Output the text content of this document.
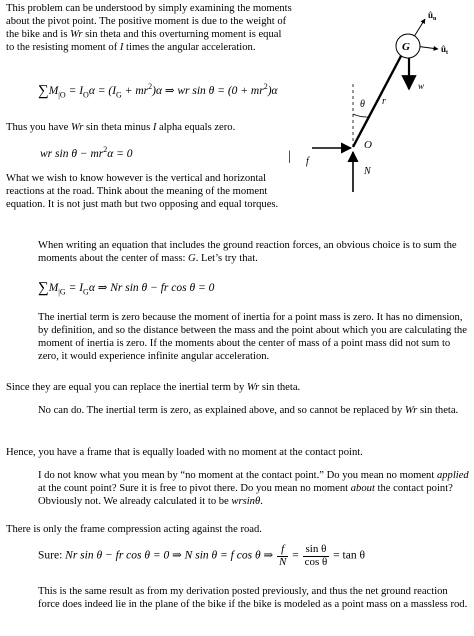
This problem can be understood by simply examining the moments about the pivot point. The positive moment is due to the weight of the bike and is Wr sin theta and this overturning moment is equal to the resisting moment of I times the angular acceleration.
$û_n$
$û_t$
G
w
θ r
O
f
N
|
$\sum M_{|O} = I_O\alpha = (I_G + mr^2)\alpha$ ⇒ wr $\sin \theta = (0 + mr^2)\alpha$
Thus you have Wr sin theta minus I alpha equals zero.
wr $\sin \theta - mr^2\alpha = 0$
What we wish to know however is the vertical and horizontal reactions at the road. Think about the meaning of the moment equation. It is not just math but two opposing and equal torques.
When writing an equation that includes the ground reaction forces, an obvious choice is to sum the moments about the center of mass: G. Let’s try that.
$\sum M_{|G} = I_G\alpha$ ⇒ Nr sin θ − fr cos θ = 0
The inertial term is zero because the moment of inertia for a point mass is zero. It has no dimension, by definition, and so the distance between the mass and the point about which you are calculating the moment of inertia is zero. If the moments about the center of mass of a point mass did not sum to zero, it would experience infinite angular acceleration.
Since they are equal you can replace the inertial term by Wr sin theta.
No can do. The inertial term is zero, as explained above, and so cannot be replaced by Wr sin theta.
Hence, you have a frame that is equally loaded with no moment at the contact point.
I do not know what you mean by “no moment at the contact point.” Do you mean no moment applied at the count point? Sure it is free to pivot there. Do you mean no moment about the contact point? Obviously not. We already calculated it to be wrsinθ.
There is only the frame compression acting against the road.
Sure: Nr sin θ − fr cos θ = 0 ⇒ N sin θ = f cos θ ⇒ $\frac{f}{N} = \frac{\text{sin θ}}{\text{cos θ}} = \tan \theta$
This is the same result as from my derivation posted previously, and thus the net ground reaction force does indeed lie in the plane of the bike if the bike is modeled as a point mass on a massless rod.
